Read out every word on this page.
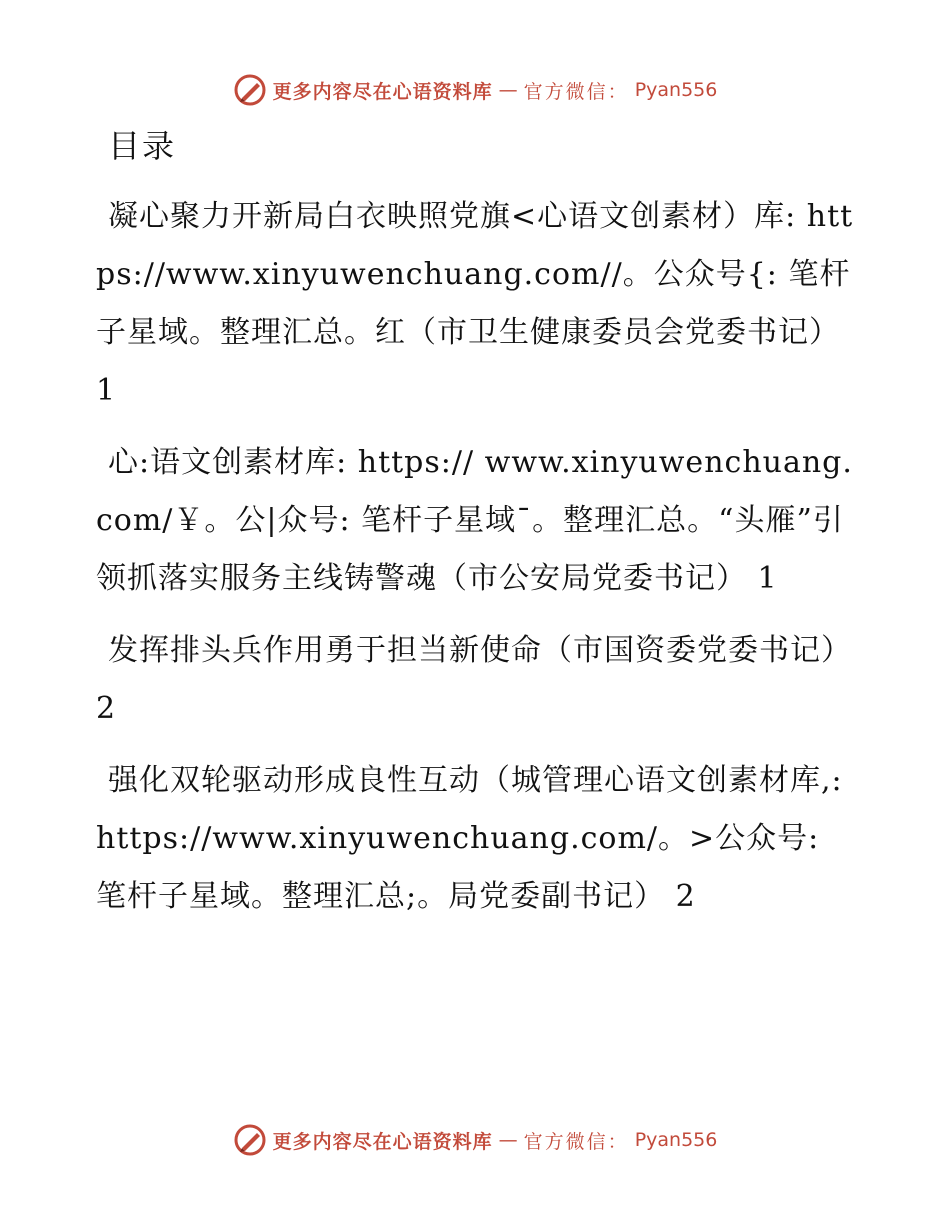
更多内容尽在心语资料库 — 官方微信： Pyan556
目录
凝心聚力开新局白衣映照党旗<心语文创素材）库: https://www.xinyuwenchuang.com//。公众号{: 笔杆子星域。整理汇总。红（市卫生健康委员会党委书记） 1
心:语文创素材库: https:// www.xinyuwenchuang.com/￥。公|众号: 笔杆子星域¯。整理汇总。“头雁”引领抓落实服务主线铸警魂（市公安局党委书记） 1
发挥排头兵作用勇于担当新使命（市国资委党委书记） 2
强化双轮驱动形成良性互动（城管理心语文创素材库,: https://www.xinyuwenchuang.com/。>公众号: 笔杆子星域。整理汇总;。局党委副书记） 2
更多内容尽在心语资料库 — 官方微信： Pyan556
